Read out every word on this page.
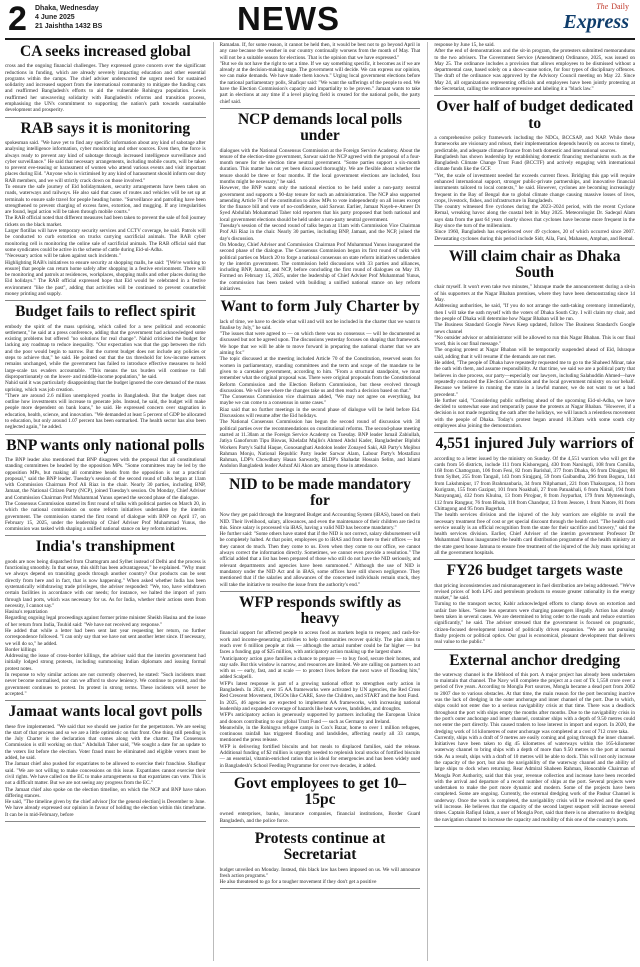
2 Dhaka, Wednesday
4 June 2025
21 Jaishtha 1432 BS	NEWS	The Daily
Express
CA seeks increased global

cross and the ongoing financial challenges. They expressed grave concern over the significant reductions in funding, which are already severely impacting education and other essential programs within the camps. The chief adviser underscored the urgent need for sustained solidarity and increased support from the international community to mitigate the funding cuts and reaffirmed Bangladesh's efforts to aid the vulnerable Rohingya population. Lewis reaffirmed her unwavering solidarity with Bangladesh's reforms and transition process, emphasising the UN's commitment to supporting the nation's path towards sustainable development and prosperity.

RAB says it is monitoring

spokesman said. "We have yet to find any specific information about any kind of sabotage after analysing intelligence information, cyber monitoring and other sources. Even then, the force is always ready to prevent any kind of sabotage through increased intelligence surveillance and cyber surveillance." He said that necessary arrangements, including mobile courts, will be taken to prevent eve-teasing or harassment of women who attend various events and visit important places during Eid. "Anyone who is victimised by any kind of harassment should inform our duty RAB members, and we will strictly crack down on those involved."

To ensure the safe journey of Eid holidaymakers, security arrangements have been taken on roads, waterways and railways. He also said that cases of routes and vehicles will be set up at terminals to ensure safe travel for people heading home. "Surveillance and patrolling have been strengthened to prevent charging of excess fares, extortion, and mugging. If any irregularities are found, legal action will be taken through mobile courts."

The RAB official noted that different measures had been taken to prevent the sale of foil journey tickets on the black market.

Larger flotillas will have temporary security services and CCTV coverage, he said. Patrols will be conducted to curb extortion on trucks carrying sacrificial animals. The RAB cyber monitoring cell is monitoring the online sale of sacrificial animals. The RAB official said that some syndicates could be active in the scheme of cattle during Eid-ul-Adha.

"Necessary action will be taken against such incidents."

Highlighting RAB's initiatives to ensure security at shopping malls, he said: "[We're working to ensure] that people can return home safely after shopping in a festive environment. There will be monitoring and patrols at residences, workplaces, shopping malls and other places during the Eid holidays." The RAB official expressed hope that Eid would be celebrated in a festive environment "like the past", adding that activities will be continued to prevent counterfeit money printing and supply.

Budget fails to reflect spirit

embody the spirit of the mass uprising, which called for a new political and economic settlement," he said at a press conference, adding that the government had acknowledged some existing problems but offered "no solutions for real change". Nahid criticised the budget for lacking any roadmap to reduce inequality. "Our expectation was that the gap between the rich and the poor would begin to narrow. But the current budget does not include any policies or steps to achieve that," he said. He pointed out that the tax threshold for low-income earners remains unchanged, while the government has failed to introduce effective measures to hold large-scale tax evaders accountable. "This means the tax burden will continue to fall disproportionately on the lower- and middle-income population," he said.

Nahid said it was particularly disappointing that the budget ignored the core demand of the mass uprising, which was job creation.

"There are around 2.6 million unemployed youths in Bangladesh. But the budget does not outline how investments will increase to generate jobs. Instead, he said, the budget will make people more dependent on bank loans," he said. He expressed concern over stagnation in education, health, science, and innovation. "We demanded at least 5 percent of GDP be allocated to education, but only around 1.07 percent has been earmarked. The health sector has also been neglected again," he added.

BNP wants only national polls

The BNP leader also mentioned that BNP disagrees with the proposal that all constitutional standing committees be headed by the opposition MPs. "Some committees may be led by the opposition MPs, but making all committee heads from the opposition is not a practical proposal," said the BNP leader. Tuesday's session of the second round of talks began at 11am with Commission Chairman Prof Ali Riaz in the chair. Nearly 30 parties, including BNP, Jamaat, the National Citizen Party (NCP), joined Tuesday's session. On Monday, Chief Adviser and Commission Chairman Prof Muhammad Yunus opened the second phase of the dialogue.

The Consensus Commission started its first round of talks with political parties on March 20, in which the national commission on some reform initiatives undertaken by the interim government. The commission started the first round of dialogue with BNP on April 17, on February 15, 2025, under the leadership of Chief Adviser Prof Muhammad Yunus, the commission was tasked with shaping a unified national stance on key reform initiatives.

India's transhipment

goods are now being dispatched from Chattogram and Sylhet instead of Delhi and the process is functioning smoothly. In that sense, this shift has been advantageous," he explained. "Why must we always depend on transiting goods through another country? Our products can be sent directly from here and in fact, that is now happening." When asked whether India has been systematically withdrawing trade privileges, the adviser responded: "We, too, have withdrawn certain facilities in accordance with our needs; for instance, we halted the import of yarn through land ports, which was necessary for us. As for India, whether their actions stem from necessity, I cannot say."

Hasina's repatriation

Regarding ongoing legal proceedings against former prime minister Sheikh Hasina and the issue of her return from India, Touhid said: "We have not received any response."

He added that while a letter had been sent last year requesting her return, no further correspondence followed. "I can only say that we have not sent another letter since. If necessary, we will do so," he added.

Border killings

Addressing the issue of cross-border killings, the adviser said that the interim government had initially lodged strong protests, including summoning Indian diplomats and issuing formal protest notes.

In response to why similar actions are not currently observed, he stated: "Such incidents must never become normalised, nor can we afford to show leniency. We continue to protest, and the government continues to protest. Its protest in strong terms. These incidents will never be accepted."

Jamaat wants local govt polls

these five implemented. "We said that we should see justice for the perpetrators. We are seeing the start of that process and so we are a little optimistic on that front. One thing still pending is the July Charter is the declaration that comes along with the charter. The Consensus Commission is still working on that." Abdullah Taher said, "We sought a date for an update to the voters list before the election. Voter fraud must be eliminated and eligible voters must be added, he said.

The Jamaat chief also pushed for expatriates to be allowed to exercise their franchise. Shafiqur said. "We are not willing to make concessions on this issue. Expatriates cannot exercise their civil rights. We have called on the EC to make arrangements so that expatriates can vote. This is not a difficult matter. But we are not seeing any progress from the EC."

The Jamaat chief also spoke on the election timeline, on which the NCP and BNP have taken differing stances.

He said, "The timeline given by the chief advisor [for the general election] is December to June. We have already expressed our opinion in favour of holding the election within this timeframe. It can be in mid-February, before

Ramadan. If, for some reason, it cannot be held then, it would be best not to go beyond April in any case because the weather in our country continually worsens from the month of May. That will not be a suitable season for elections. That is the opinion that we have expressed."

"But we do not have the right to set a time. If we say something specific, it becomes as if we are already at the decision-making stage. The government will decide. We can express our opinion, we can make demands. We have made them known." Urging local government elections before the national parliamentary polls, Shafiqur said: "We want the sufferings of the people to end. We have the Election Commission's capacity and impartiality to be proven." Jamaat wants to take part in elections at any time if a level playing field is created for the national polls, the party chief said.

NCP demands local polls under

dialogues with the National Consensus Commission at the Foreign Service Academy. About the tenure of the election-time government, Sarwar said the NCP agreed with the proposal of a four-month tenure for the election time neutral government. "Some parties support a six-month duration. This matter has not yet been discussed thoroughly. We are flexible about whether the tenure should be three or four months. If the local government elections are included, four months might be necessary," he said.

However, the BNP wants only the national election to be held under a non-party neutral government and supports a 90-day tenure for such an administration. The NCP also supported amending Article 70 of the constitution to allow MPs to vote independently on all issues except for the finance bill and vote of no-confidence, said Sarwar. Earlier, Jamaat Nayeb-e-Ameer Dr Syed Abdullah Mohammad Taher told reporters that his party proposed that both national and local government elections should be held under a non-party neutral government.

Tuesday's session of the second round of talks began at 11am with Commission Vice Chairman Prof Ali Riaz in the chair. Nearly 30 parties, including BNP, Jamaat, and the NCP, joined the day's discussion.

On Monday, Chief Adviser and Commission Chairman Prof Muhammad Yunus inaugurated the second phase of the dialogue. The Consensus Commission began its first round of talks with political parties on March 20 to forge a national consensus on state reform initiatives undertaken by the interim government. The commission held discussions with 33 parties and alliances, including BNP, Jamaat, and NCP, before concluding the first round of dialogues on May 19. Formed on February 15, 2025, under the leadership of Chief Adviser Prof Muhammad Yunus, the commission has been tasked with building a unified national stance on key reform initiatives.

Want to form July Charter by

lack of time, we have to decide what will and will not be included in the charter that we want to finalise by July," he said.

"The issues that were agreed to — on which there was no consensus — will be documented as discussed but not be agreed upon. The discussions yesterday focuses on shaping that framework. We hope that we will be able to move forward in preparing the national charter that we are aiming for."

The topic discussed at the meeting included Article 70 of the Constitution, reserved seats for women in parliamentary, standing committees and the term and scope of the mandate to be given to a caretaker government, according to him. "From a structural standpoint, we must remember what the original proposal was. There were original proposals from the Constitutional Reform Commission and the Election Reform Commission, but these evolved through discussions. We will see where the changes take us and then reach a decision based on that."

"The Consensus Commission vice chairman added, "We may not agree on everything, but maybe we can come to a consensus in some cases."

Riaz said that no further meetings in the second phase of dialogue will be held before Eid. Discussions will resume after the Eid holidays.

The National Consensus Commission has begun the second round of discussion with 30 political parties over the recommendations on constitutional reforms. The second-phase meeting started at 11.30am at the Foreign Service Academy on Tuesday. BNP leader Ismail Zabiullah, Jatiya Ganoforum Tipu Biswas, Khelafat Majlis's Ahmed Abdul Kader, Bangladesher Biplobi Workers Party's Saiful Haque, Gonosanghati Andolon leader Zonayed Saki, AB Party's Mojibur Rahman Monju, National Republic Party leader Sarwar Alam, Labour Party's Mostafizur Rahman, LDP's Chowdhury Hasan Sarwardy, BLDP's Shahadat Hossain Selim, and Islami Andolon Bangladesh leader Ashraf Ali Akon are among those in attendance.

NID to be made mandatory for

Now they get paid through the Integrated Budget and Accounting System (iBAS), based on their NID. Their livelihood, salary, allowances, and even the maintenance of their children are tied to this. Since salary is processed via iBAS, having a valid NID has become mandatory."

He further said: "Some others have stated that if the NID is not correct, salary disbursement will be completely halted. At that point, employees go to iBAS and from there to their offices — but they cannot do much. Then they come to us. Even when they come to our office, we cannot always correct the information directly. Sometimes, we cannot even provide a resolution." The official added that a list has been prepared of those who still do not have the NID seriously, and relevant departments and agencies have been summoned." Although the use of NID is mandatory under the NID Act and in iBAS, some offices have still shown negligence. They mentioned that if the salaries and allowances of the concerned individuals remain stuck, they will take the initiative to resolve the issue from the authority's end."

WFP responds swiftly as heavy

financial support for affected people to access food as markets begin to reopen; and cash-for-work and income-generating activities to help communities recover quickly. The plan aims to reach over 6 million people at risk — although the actual number could be far higher — but faces a funding gap of $25 million, with anticipatory action making up the largest share.

"Anticipatory action gave families a chance to prepare — to buy food, secure their homes, and stay safe. But this window is narrow, and resources are limited. We are calling on partners to act with us — early, fast, and at scale — to protect lives before the next wave of flooding hits," added Scalpelli.

WFP's latest response is part of a growing national effort to strengthen early action in Bangladesh. In 2024, over 15 AA frameworks were activated by UN agencies, the Red Cross Red Crescent Movement, INGOs like CARE, Save the Children, and START and the host Fund.

In 2025, 46 agencies are expected to implement AA frameworks, with increasing national leadership and expanded coverage of hazards like heat waves, landslides, and droughts.

WFP's anticipatory action is generously supported by partners including the European Union and donors contributing to our global Trust Fund — such as Germany and Ireland.

Meanwhile, in the Rohingya refugee camps in Cox's Bazar, home to over 1 million refugees, continuous rainfall has triggered flooding and landslides, affecting nearly all 33 camps, mentioned the press release.

WFP is delivering fortified biscuits and hot meals to displaced families, said the release. Additional funding of $2 million is urgently needed to replenish local stocks of fortified biscuits — an essential, vitamin-enriched ration that is ideal for emergencies and has been widely used in Bangladesh's School Feeding Programme for over two decades, it added.

Govt employees to get 10–15pc

owned enterprises, banks, insurance companies, financial institutions, Border Guard Bangladesh, and the police force.

Protests continue at Secretariat

budget unveiled on Monday. Instead, this black law has been imposed on us. We will announce fresh action programs."

He also threatened to go for a tougher movement if they don't get a positive

response by June 15, he said.

After the end of demonstrations and the sit-in program, the protesters submitted memorandums to the two advisers. The Government Service (Amendment) Ordinance, 2025, was issued on May 25. The ordinance includes a provision that allows employees to be dismissed without a departmental case, based solely on a show-cause notice, for four types of disciplinary offences. The draft of the ordinance was approved by the Advisory Council meeting on May 22. Since May 24, all organizations representing officials and employees have been jointly protesting at the Secretariat, calling the ordinance repressive and labeling it a "black law."

Over half of budget dedicated to

a comprehensive policy framework including the NDCs, BCCSAP, and NAP. While these frameworks are visionary and robust, their implementation depends heavily on access to timely, predictable, and adequate climate finance from both domestic and international sources.

Bangladesh has shown leadership by establishing domestic financing mechanisms such as the Bangladesh Climate Change Trust Fund (BCCTF) and actively engaging with international climate funds like the GCF.

"Yet, the scale of investment needed far exceeds current flows. Bridging this gap will require enhanced international support, stronger public-private partnerships, and innovative financial instruments tailored to local contexts," he said. However, cyclones are becoming increasingly frequent in the Bay of Bengal due to global climate change causing massive losses of lives, crops, livestock, fishes, and infrastructure in Bangladesh.

The country witnessed five cyclones during the 2023–2024 period, with the recent Cyclone Remal, wreaking havoc along the coastal belt in May 2025. Meteorologist Dr. Sadequl Alam says data from the past 64 years clearly shows that cyclones have become more frequent in the Bay since the turn of the millennium.

Since 1960, Bangladesh has experienced over 49 cyclones, 20 of which occurred since 2007. Devastating cyclones during this period include Sidr, Aila, Fani, Mahasen, Amphan, and Remal.

Will claim chair as Dhaka South

chair myself. It won't even take two minutes," Ishraque made the announcement during a sit-in of his supporters at the Nagar Bhaban premises, where they have been demonstrating since 14 May.

Addressing authorities, he said, "If you do not arrange the oath-taking ceremony immediately, then I will take the oath myself with the voters of Dhaka South City. I will claim my chair, and the people of Dhaka will determine how Nagar Bhaban will be run.

The Business Standard Google News Keep updated, follow The Business Standard's Google news channel

"No outsider advisor or administrator will be allowed to run this Nagar Bhaban. This is our final word, this is our final message."

The ongoing protest at Nagar Bhaban will be temporarily suspended ahead of Eid, Ishraque said, adding that it will resume if the demands are not met.

He added, "The people of Dhaka have repeatedly requested me to go to the Shaheed Minar, take the oath with them, and assume responsibility. At that time, we said we are a political party that believes in due process, our party—especially our lawyers, including Salahuddin Ahmed—have repeatedly contacted the Election Commission and the local government ministry on our behalf. Because we believe in running the state in a lawful manner, we do not want to set a bad precedent."

He further said, "Considering public suffering ahead of the upcoming Eid-ul-Adha, we have decided to somewhat ease and temporarily pause the protests at Nagar Bhaban. "However, if a decision is not made regarding the oath after the holidays, we will launch a relentless movement with the people of Dhaka. Today's protest began around 10.30am with some south city employees also joining the demonstration.

4,551 injured July warriors of

according to a letter issued by the ministry on Sunday. Of the 4,551 warriors who will get the cards from 56 districts, include 111 from Kishoreganj, 430 from Narsingdi, 108 from Comilla, 168 from Chattogram, 106 from Feni, 82 from Barishal, 377 from Dhaka, 66 from Dinajpur, 88 from Sylhet, 255 from Tangail, 143 from Sirajganj, 59 from Gaibandha, 296 from Bogura, 144 from Lakshmipur, 17 from Brahmanbaria, 34 from Nilphamari, 221 from Thakurgaon, 13 from Kurigram, 155 from Gazipur, 101 from Noakhali, 27 from Patuakhali, 6 from Narail, 194 from Narayanganj, 432 from Khulna, 13 from Pirojpur, 8 from Joypurhat, 179 from Mymensingh, 112 from Rangpur, 76 from Bhola, 118 from Chandpur, 13 from Jessore, 1 from Natore, 81 from Chittagong and 95 from Bagerhat.

The health services division and the injured of the July warriors are eligible to avail the necessary treatment free of cost or get special discount through the health card. "The health card service usually is an official recognition from the state for their sacrifice and bravery," said the health services division. Earlier, Chief Adviser of the interim government Professor Dr Muhammad Yunus inaugurated the health card distribution programme of the health ministry at the state guest house Jamuna to ensure free treatment of the injured of the July mass uprising at all the government hospitals.

FY26 budget targets waste

that pricing inconsistencies and mismanagement in fuel distribution are being addressed. "We've revised prices of both LPG and petroleum products to ensure greater rationality in the energy market," he said.

Turning to the transport sector, Kabir acknowledged efforts to clamp down on extortion and unfair fare hikes. "Some bus operators were charging passengers illegally. Action has already been taken in several cases. We are determined to bring order to the roads and reduce extortion significantly," he said. The adviser stressed that the government is focused on pragmatic, citizen-focused development instead of politically driven expansion. "We are not pursuing flashy projects or political optics. Our goal is economical, pleasant development that delivers real value to the public."

External anchor dredging

the waterway channel is the lifeblood of this port. A major project has already been undertaken to maintain that channel. The Navy will complete the project at a cost of Tk 1,558 crore over a period of five years. According to Mongla Port sources, Mongla became a dead port from 2002 to 2007 due to various obstacles. At that time, the main reason for the port becoming inactive was the lack of dredging in the outer anchorage and inner channel of the port. Due to which, ships could not enter due to a serious navigability crisis at that time. There was a deadlock throughout the port with ships empty the months after months. Due to the navigability crisis in the port's outer anchorage and inner channel, container ships with a depth of 9.50 metres could not enter the port directly. This caused traders to lose interest in import and export. In 2020, the dredging work of 14 kilometres of outer anchorage was completed at a cost of 712 crore taka.

Currently, ships with a draft of 9 metres are easily coming and going through the inner channel. Initiatives have been taken to dig 45 kilometres of waterways within the 165-kilometer waterway channel to bring ships with a depth of more than 9.50 metres to the port at normal tide. As a result, ships with a draft of 10 metres will be able to dock. This will not only increase the capacity of the port, but also the navigability of the waterway channel and the ability of large ships to dock when returning. Rear Admiral Shaheen Rahman, Honorable Chairman of Mongla Port Authority, said that this year, revenue collection and increase have been recorded with the arrival and departure of a record number of ships at the port. Several projects were undertaken to make the port more dynamic and modern. Some of the projects have been completed. Some are ongoing. Currently, the external dredging work of the Pashur Channel is underway. Once the work is completed, the navigability crisis will be resolved and the speed will increase. He believes that the capacity of the second largest seaport will increase several times. Captain Rafiqul Islam, a user of Mongla Port, said that there is no alternative to dredging the navigation channel to increase the capacity and mobility of this one of the country's ports.
